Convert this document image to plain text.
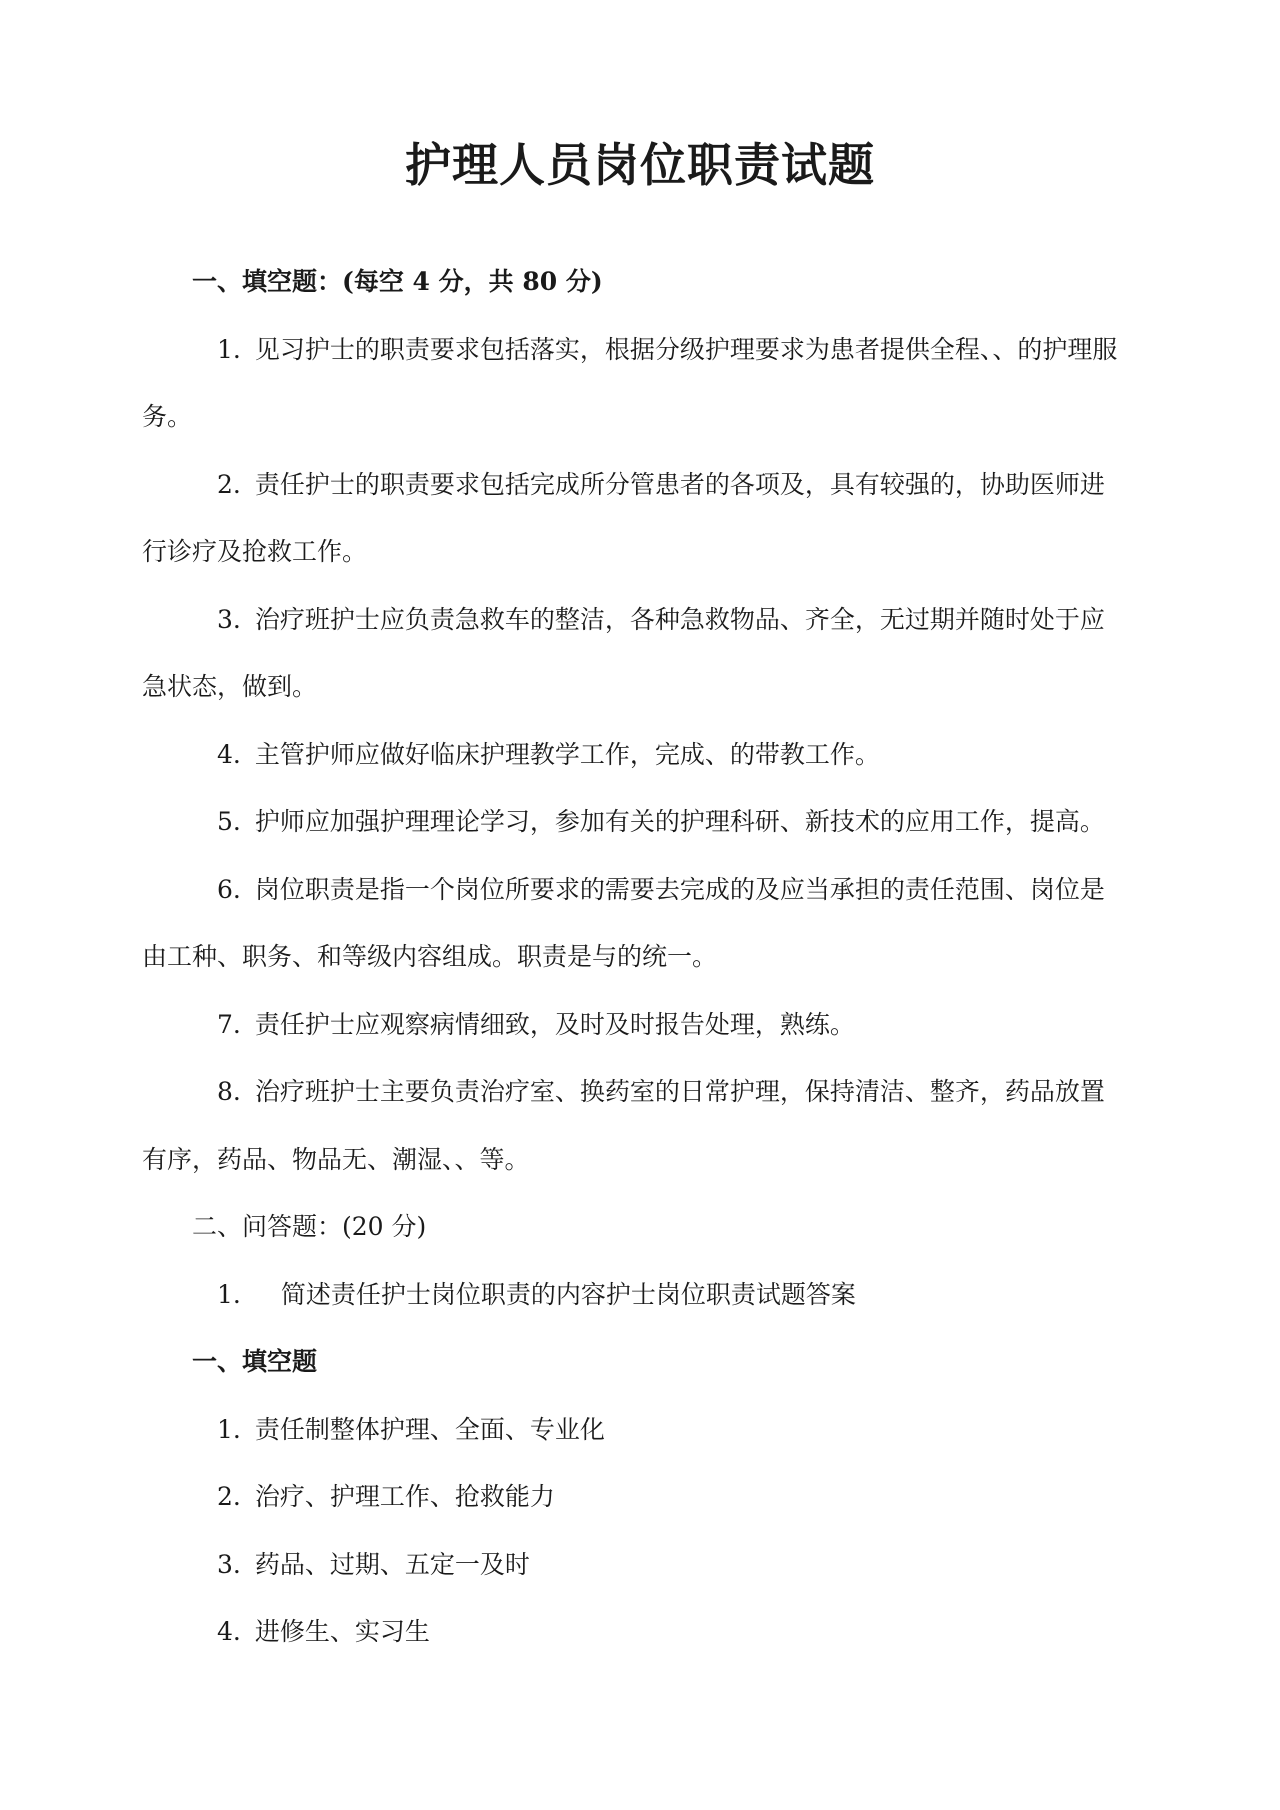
护理人员岗位职责试题
一、填空题：(每空 4 分，共 80 分)
1. 见习护士的职责要求包括落实，根据分级护理要求为患者提供全程、、的护理服
务。
2. 责任护士的职责要求包括完成所分管患者的各项及，具有较强的，协助医师进
行诊疗及抢救工作。
3. 治疗班护士应负责急救车的整洁，各种急救物品、齐全，无过期并随时处于应
急状态，做到。
4. 主管护师应做好临床护理教学工作，完成、的带教工作。
5. 护师应加强护理理论学习，参加有关的护理科研、新技术的应用工作，提高。
6. 岗位职责是指一个岗位所要求的需要去完成的及应当承担的责任范围、岗位是
由工种、职务、和等级内容组成。职责是与的统一。
7. 责任护士应观察病情细致，及时及时报告处理，熟练。
8. 治疗班护士主要负责治疗室、换药室的日常护理，保持清洁、整齐，药品放置
有序，药品、物品无、潮湿、、等。
二、问答题：(20 分)
1. 简述责任护士岗位职责的内容护士岗位职责试题答案
一、填空题
1. 责任制整体护理、全面、专业化
2. 治疗、护理工作、抢救能力
3. 药品、过期、五定一及时
4. 进修生、实习生
